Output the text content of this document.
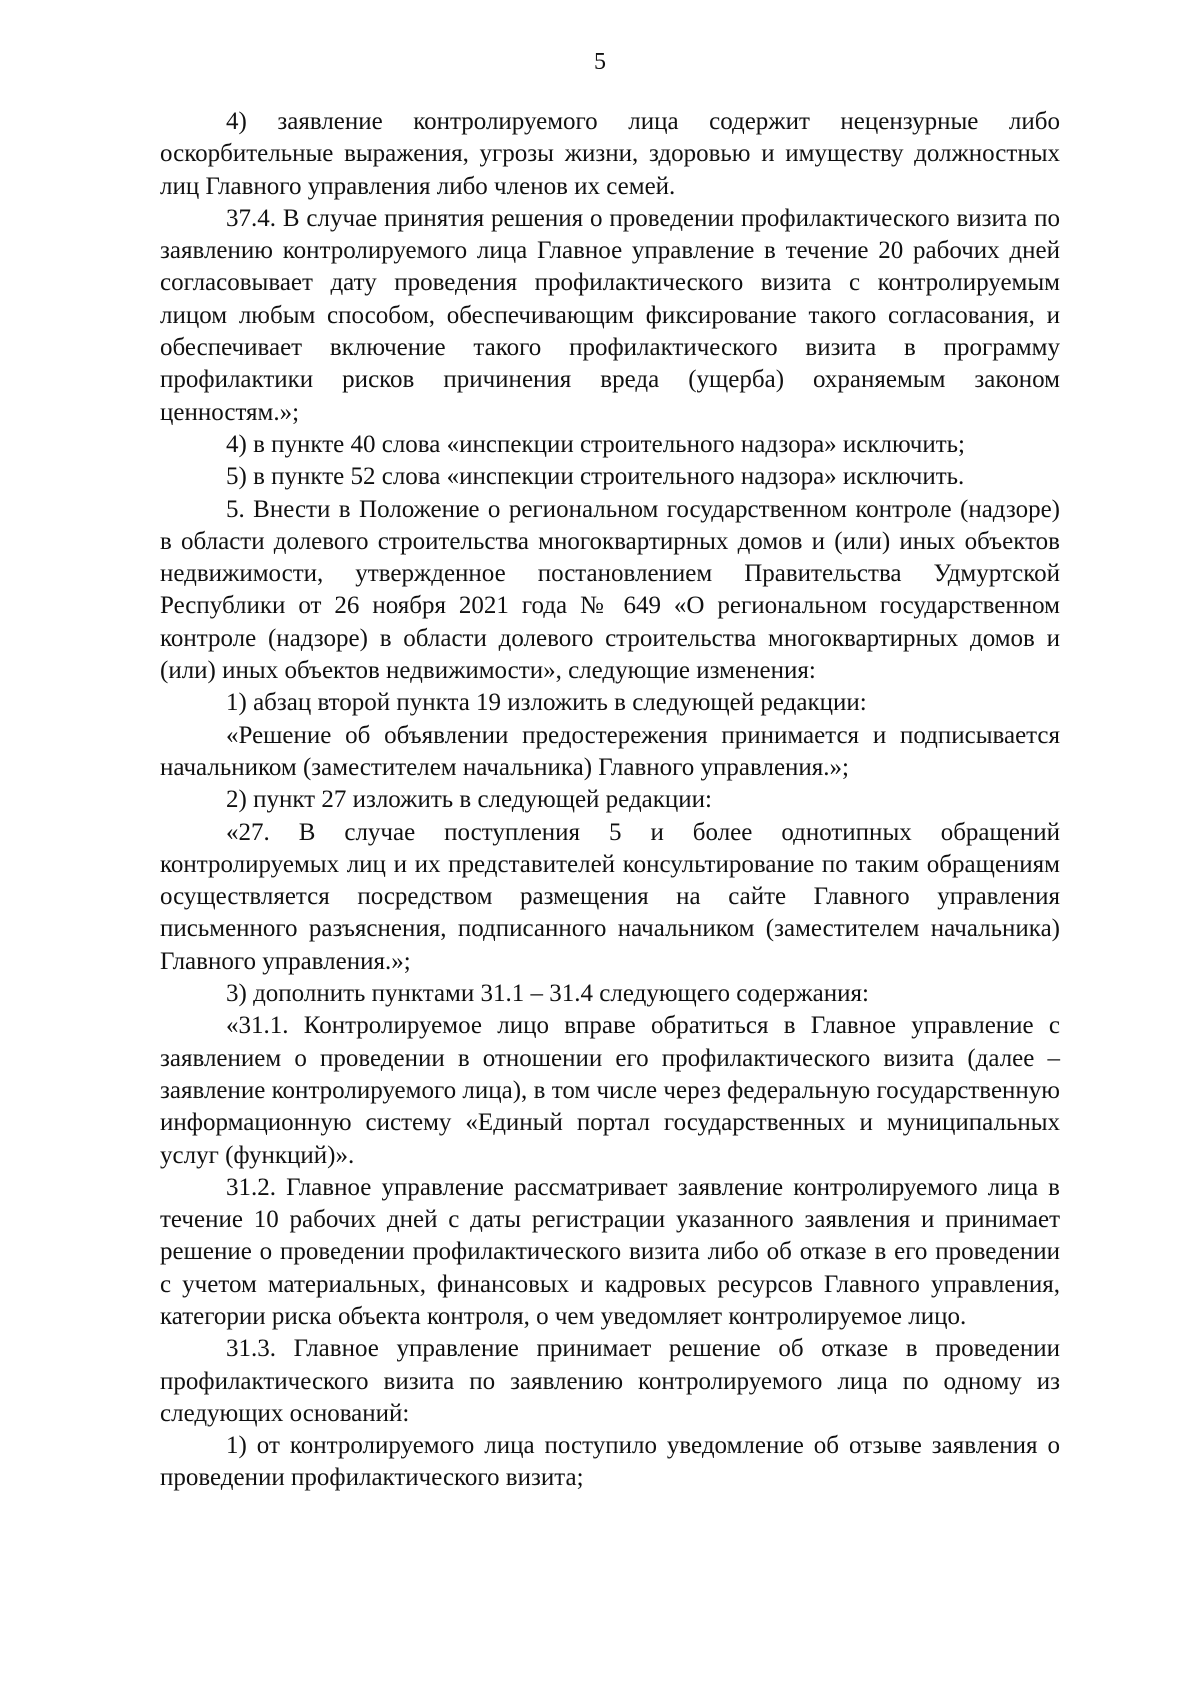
5

4) заявление контролируемого лица содержит нецензурные либо оскорбительные выражения, угрозы жизни, здоровью и имуществу должностных лиц Главного управления либо членов их семей.

37.4. В случае принятия решения о проведении профилактического визита по заявлению контролируемого лица Главное управление в течение 20 рабочих дней согласовывает дату проведения профилактического визита с контролируемым лицом любым способом, обеспечивающим фиксирование такого согласования, и обеспечивает включение такого профилактического визита в программу профилактики рисков причинения вреда (ущерба) охраняемым законом ценностям.»;

4) в пункте 40 слова «инспекции строительного надзора» исключить;

5) в пункте 52 слова «инспекции строительного надзора» исключить.

5. Внести в Положение о региональном государственном контроле (надзоре) в области долевого строительства многоквартирных домов и (или) иных объектов недвижимости, утвержденное постановлением Правительства Удмуртской Республики от 26 ноября 2021 года № 649 «О региональном государственном контроле (надзоре) в области долевого строительства многоквартирных домов и (или) иных объектов недвижимости», следующие изменения:

1) абзац второй пункта 19 изложить в следующей редакции:

«Решение об объявлении предостережения принимается и подписывается начальником (заместителем начальника) Главного управления.»;

2) пункт 27 изложить в следующей редакции:

«27. В случае поступления 5 и более однотипных обращений контролируемых лиц и их представителей консультирование по таким обращениям осуществляется посредством размещения на сайте Главного управления письменного разъяснения, подписанного начальником (заместителем начальника) Главного управления.»;

3) дополнить пунктами 31.1 – 31.4 следующего содержания:

«31.1. Контролируемое лицо вправе обратиться в Главное управление с заявлением о проведении в отношении его профилактического визита (далее – заявление контролируемого лица), в том числе через федеральную государственную информационную систему «Единый портал государственных и муниципальных услуг (функций)».

31.2. Главное управление рассматривает заявление контролируемого лица в течение 10 рабочих дней с даты регистрации указанного заявления и принимает решение о проведении профилактического визита либо об отказе в его проведении с учетом материальных, финансовых и кадровых ресурсов Главного управления, категории риска объекта контроля, о чем уведомляет контролируемое лицо.

31.3. Главное управление принимает решение об отказе в проведении профилактического визита по заявлению контролируемого лица по одному из следующих оснований:

1) от контролируемого лица поступило уведомление об отзыве заявления о проведении профилактического визита;
